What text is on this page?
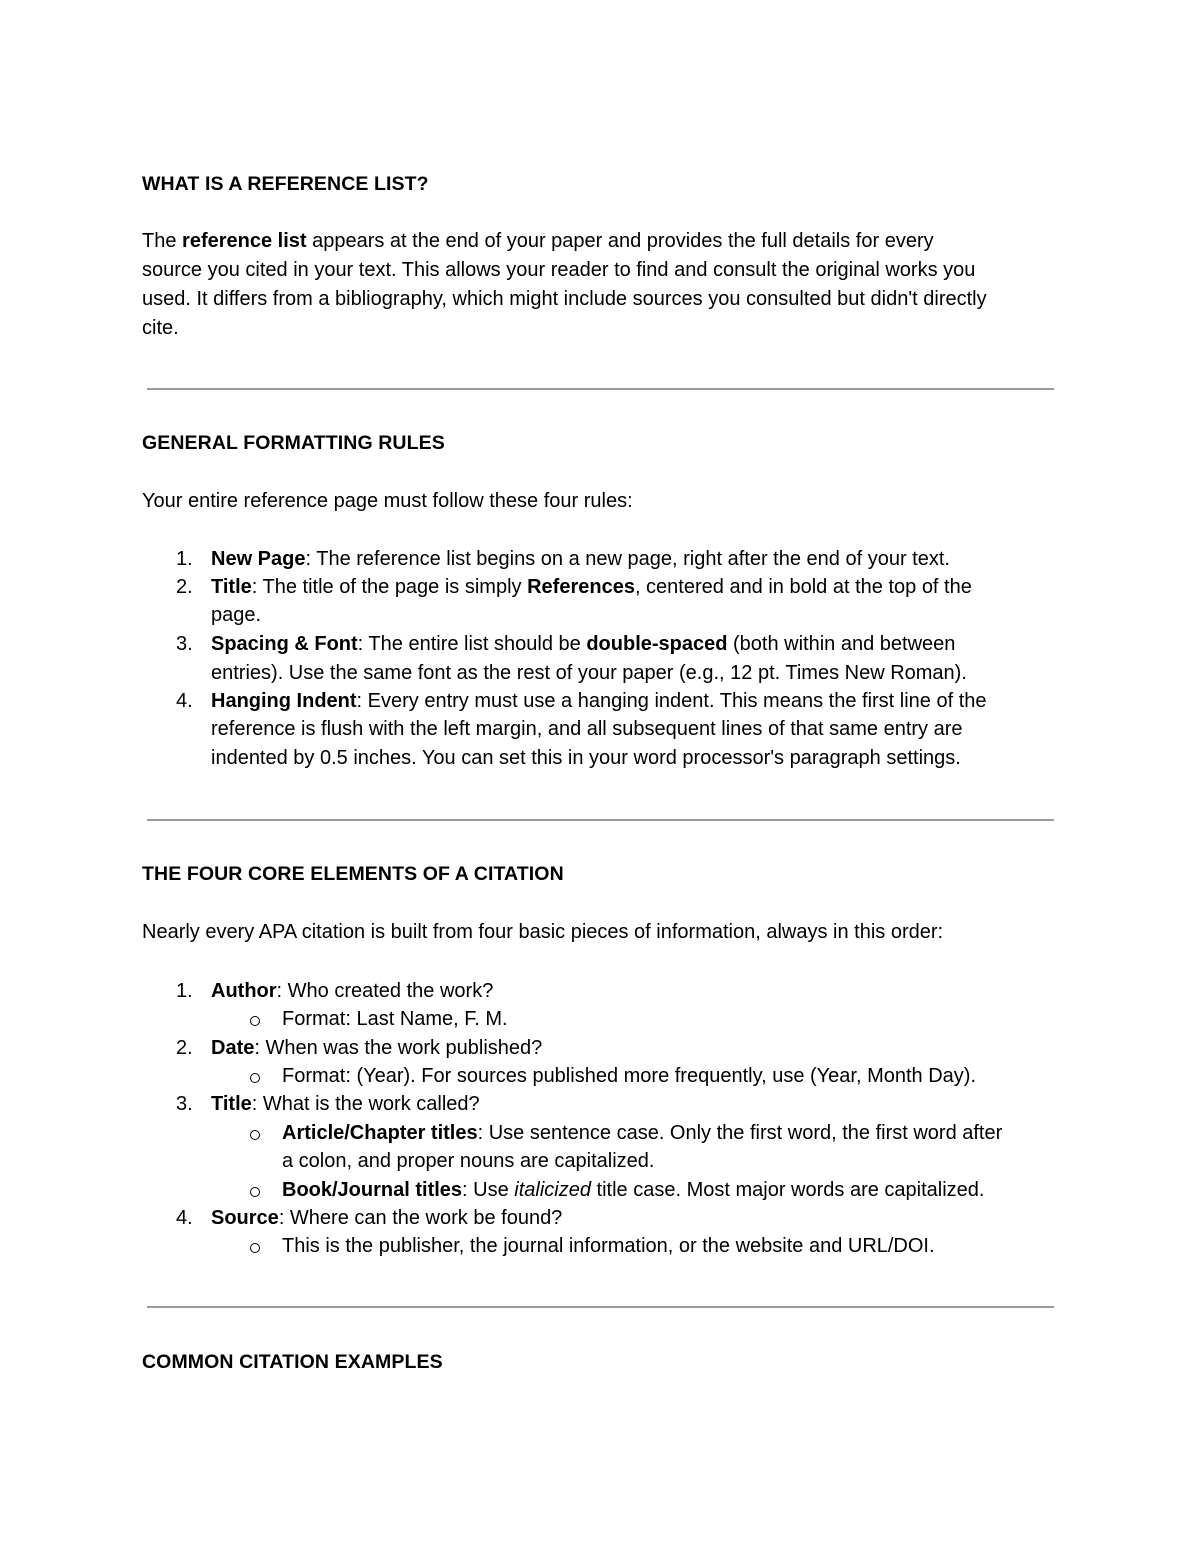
WHAT IS A REFERENCE LIST?
The reference list appears at the end of your paper and provides the full details for every
source you cited in your text. This allows your reader to find and consult the original works you
used. It differs from a bibliography, which might include sources you consulted but didn't directly
cite.
GENERAL FORMATTING RULES
Your entire reference page must follow these four rules:
1. New Page: The reference list begins on a new page, right after the end of your text.
2. Title: The title of the page is simply References, centered and in bold at the top of the
page.
3. Spacing & Font: The entire list should be double-spaced (both within and between
entries). Use the same font as the rest of your paper (e.g., 12 pt. Times New Roman).
4. Hanging Indent: Every entry must use a hanging indent. This means the first line of the
reference is flush with the left margin, and all subsequent lines of that same entry are
indented by 0.5 inches. You can set this in your word processor's paragraph settings.
THE FOUR CORE ELEMENTS OF A CITATION
Nearly every APA citation is built from four basic pieces of information, always in this order:
1. Author: Who created the work?
Format: Last Name, F. M.
2. Date: When was the work published?
Format: (Year). For sources published more frequently, use (Year, Month Day).
3. Title: What is the work called?
Article/Chapter titles: Use sentence case. Only the first word, the first word after
a colon, and proper nouns are capitalized.
Book/Journal titles: Use italicized title case. Most major words are capitalized.
4. Source: Where can the work be found?
This is the publisher, the journal information, or the website and URL/DOI.
COMMON CITATION EXAMPLES
